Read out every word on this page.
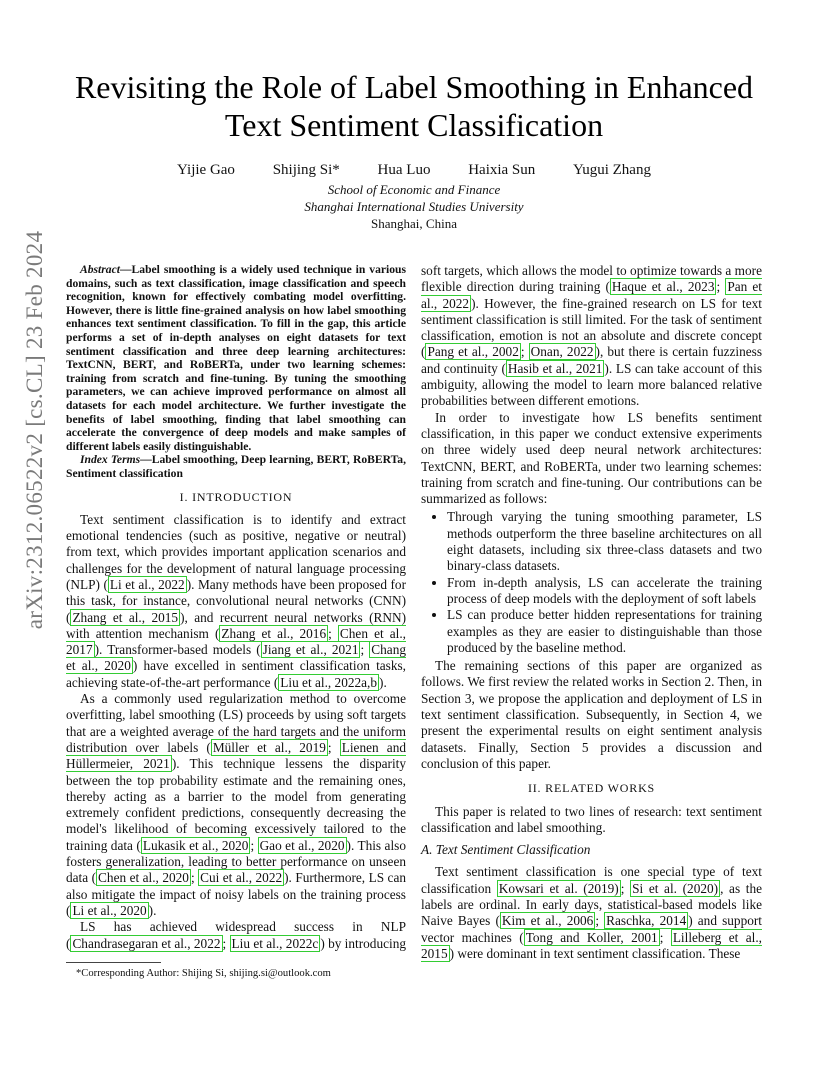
arXiv:2312.06522v2 [cs.CL] 23 Feb 2024
Revisiting the Role of Label Smoothing in Enhanced Text Sentiment Classification
Yijie Gao	Shijing Si*	Hua Luo	Haixia Sun	Yugui Zhang
School of Economic and Finance
Shanghai International Studies University
Shanghai, China

Abstract—Label smoothing is a widely used technique in various domains, such as text classification, image classification and speech recognition, known for effectively combating model overfitting. However, there is little fine-grained analysis on how label smoothing enhances text sentiment classification. To fill in the gap, this article performs a set of in-depth analyses on eight datasets for text sentiment classification and three deep learning architectures: TextCNN, BERT, and RoBERTa, under two learning schemes: training from scratch and fine-tuning. By tuning the smoothing parameters, we can achieve improved performance on almost all datasets for each model architecture. We further investigate the benefits of label smoothing, finding that label smoothing can accelerate the convergence of deep models and make samples of different labels easily distinguishable.

Index Terms—Label smoothing, Deep learning, BERT, RoBERTa, Sentiment classification

I. INTRODUCTION

Text sentiment classification is to identify and extract emotional tendencies (such as positive, negative or neutral) from text, which provides important application scenarios and challenges for the development of natural language processing (NLP) ( Li et al., 2022 ). Many methods have been proposed for this task, for instance, convolutional neural networks (CNN) ( Zhang et al., 2015 ), and recurrent neural networks (RNN) with attention mechanism ( Zhang et al., 2016 ; Chen et al., 2017 ). Transformer-based models ( Jiang et al., 2021 ; Chang et al., 2020 ) have excelled in sentiment classification tasks, achieving state-of-the-art performance ( Liu et al., 2022a,b ).

As a commonly used regularization method to overcome overfitting, label smoothing (LS) proceeds by using soft targets that are a weighted average of the hard targets and the uniform distribution over labels ( Müller et al., 2019 ; Lienen and Hüllermeier, 2021 ). This technique lessens the disparity between the top probability estimate and the remaining ones, thereby acting as a barrier to the model from generating extremely confident predictions, consequently decreasing the model's likelihood of becoming excessively tailored to the training data ( Lukasik et al., 2020 ; Gao et al., 2020 ). This also fosters generalization, leading to better performance on unseen data ( Chen et al., 2020 ; Cui et al., 2022 ). Furthermore, LS can also mitigate the impact of noisy labels on the training process ( Li et al., 2020 ).

LS has achieved widespread success in NLP ( Chandrasegaran et al., 2022 ; Liu et al., 2022c ) by introducing

*Corresponding Author: Shijing Si, shijing.si@outlook.com

soft targets, which allows the model to optimize towards a more flexible direction during training ( Haque et al., 2023 ; Pan et al., 2022 ). However, the fine-grained research on LS for text sentiment classification is still limited. For the task of sentiment classification, emotion is not an absolute and discrete concept ( Pang et al., 2002 ; Onan, 2022 ), but there is certain fuzziness and continuity ( Hasib et al., 2021 ). LS can take account of this ambiguity, allowing the model to learn more balanced relative probabilities between different emotions.

In order to investigate how LS benefits sentiment classification, in this paper we conduct extensive experiments on three widely used deep neural network architectures: TextCNN, BERT, and RoBERTa, under two learning schemes: training from scratch and fine-tuning. Our contributions can be summarized as follows:

• Through varying the tuning smoothing parameter, LS methods outperform the three baseline architectures on all eight datasets, including six three-class datasets and two binary-class datasets.
• From in-depth analysis, LS can accelerate the training process of deep models with the deployment of soft labels
• LS can produce better hidden representations for training examples as they are easier to distinguishable than those produced by the baseline method.

The remaining sections of this paper are organized as follows. We first review the related works in Section 2. Then, in Section 3, we propose the application and deployment of LS in text sentiment classification. Subsequently, in Section 4, we present the experimental results on eight sentiment analysis datasets. Finally, Section 5 provides a discussion and conclusion of this paper.

II. RELATED WORKS

This paper is related to two lines of research: text sentiment classification and label smoothing.

A. Text Sentiment Classification

Text sentiment classification is one special type of text classification Kowsari et al. (2019) ; Si et al. (2020) , as the labels are ordinal. In early days, statistical-based models like Naive Bayes ( Kim et al., 2006 ; Raschka, 2014 ) and support vector machines ( Tong and Koller, 2001 ; Lilleberg et al., 2015 ) were dominant in text sentiment classification. These
